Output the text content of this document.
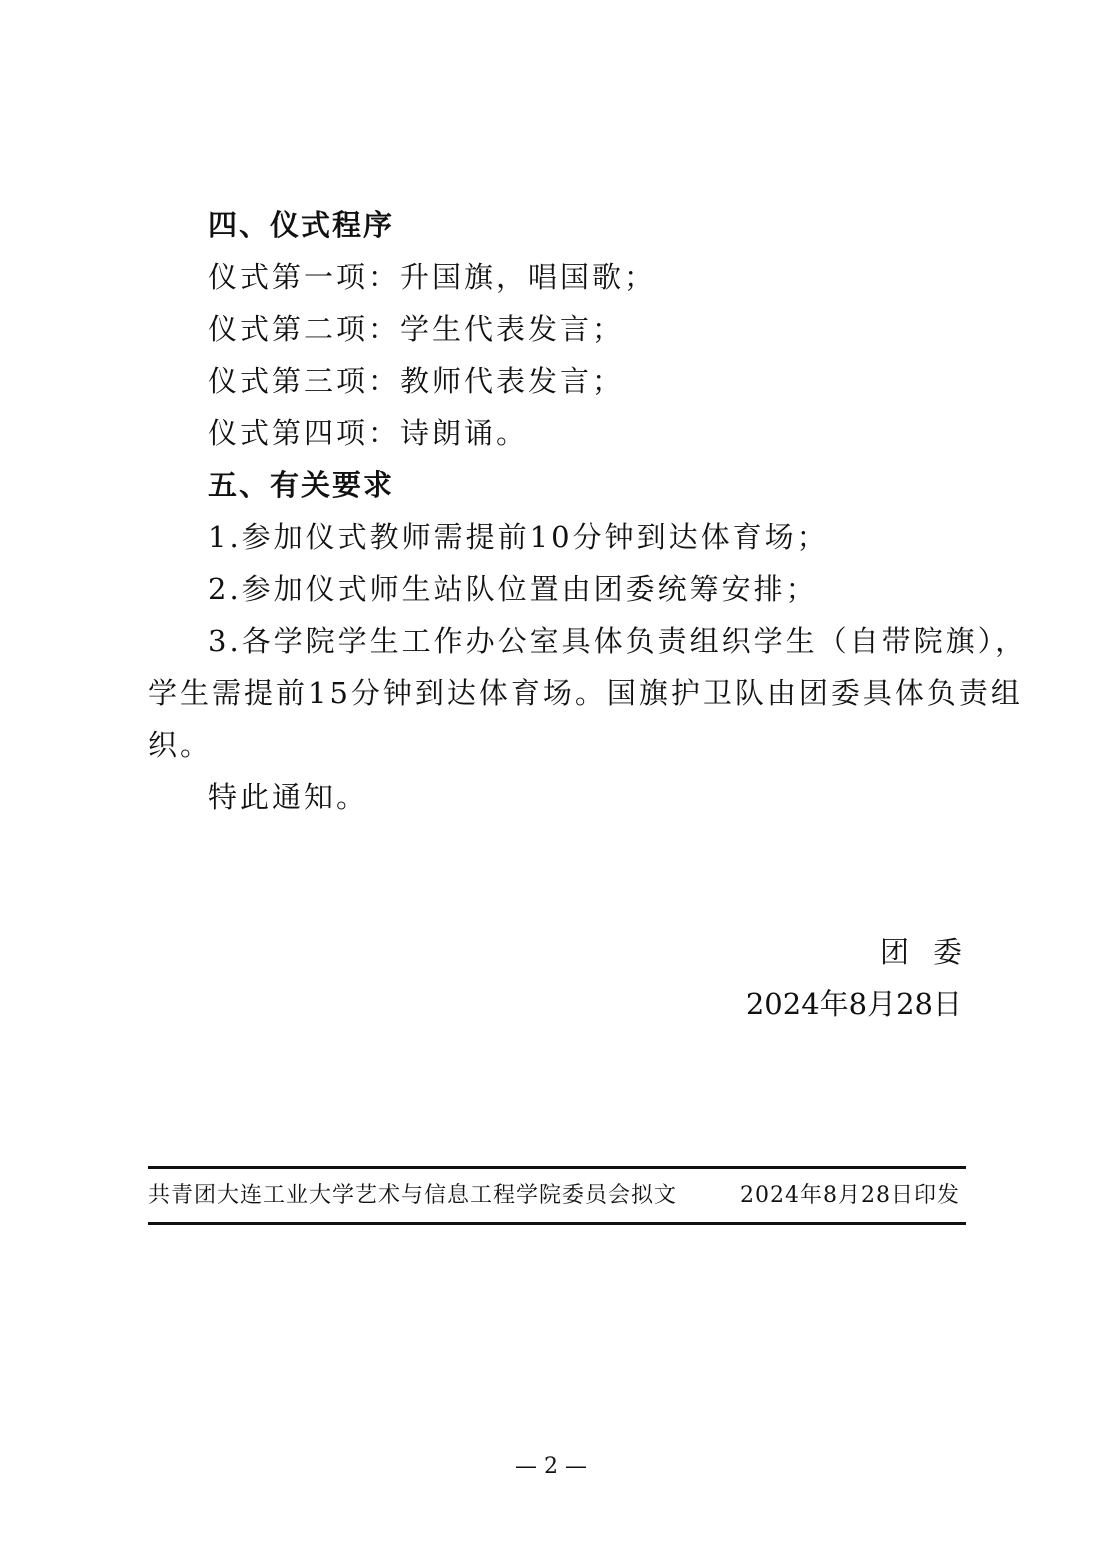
四、仪式程序
仪式第一项：升国旗，唱国歌；
仪式第二项：学生代表发言；
仪式第三项：教师代表发言；
仪式第四项：诗朗诵。
五、有关要求
1.参加仪式教师需提前10分钟到达体育场；
2.参加仪式师生站队位置由团委统筹安排；
3.各学院学生工作办公室具体负责组织学生（自带院旗），
学生需提前15分钟到达体育场。国旗护卫队由团委具体负责组
织。
特此通知。
团委
2024年8月28日
共青团大连工业大学艺术与信息工程学院委员会拟文	2024年8月28日印发
— 2 —
